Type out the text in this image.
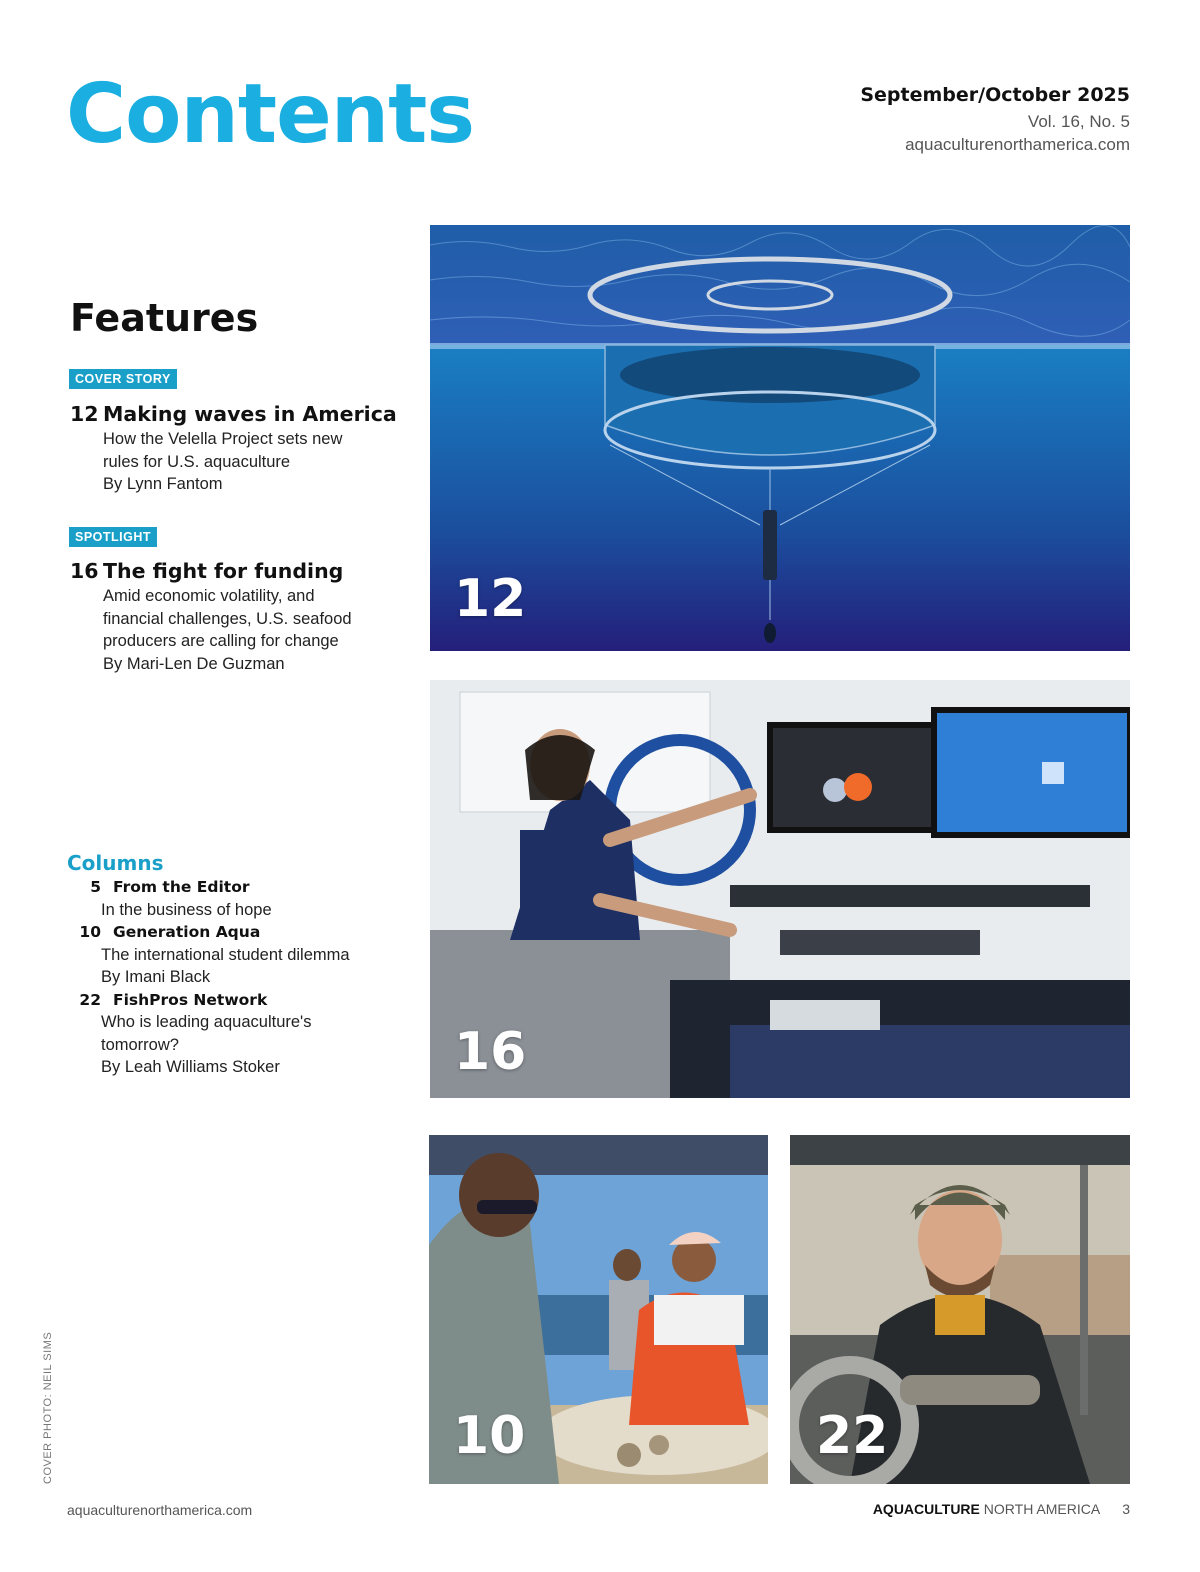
Contents	September/October 2025
Vol. 16, No. 5
aquaculturenorthamerica.com
Features
COVER STORY
12 Making waves in America
How the Velella Project sets new
rules for U.S. aquaculture
By Lynn Fantom
SPOTLIGHT
16 The fight for funding
Amid economic volatility, and
financial challenges, U.S. seafood
producers are calling for change
By Mari-Len De Guzman
Columns
5 From the Editor
In the business of hope
10 Generation Aqua
The international student dilemma
By Imani Black
22 FishPros Network
Who is leading aquaculture's
tomorrow?
By Leah Williams Stoker
12
16
10	22
COVER PHOTO: NEIL SIMS
aquaculturenorthamerica.com	AQUACULTURE NORTH AMERICA 3
